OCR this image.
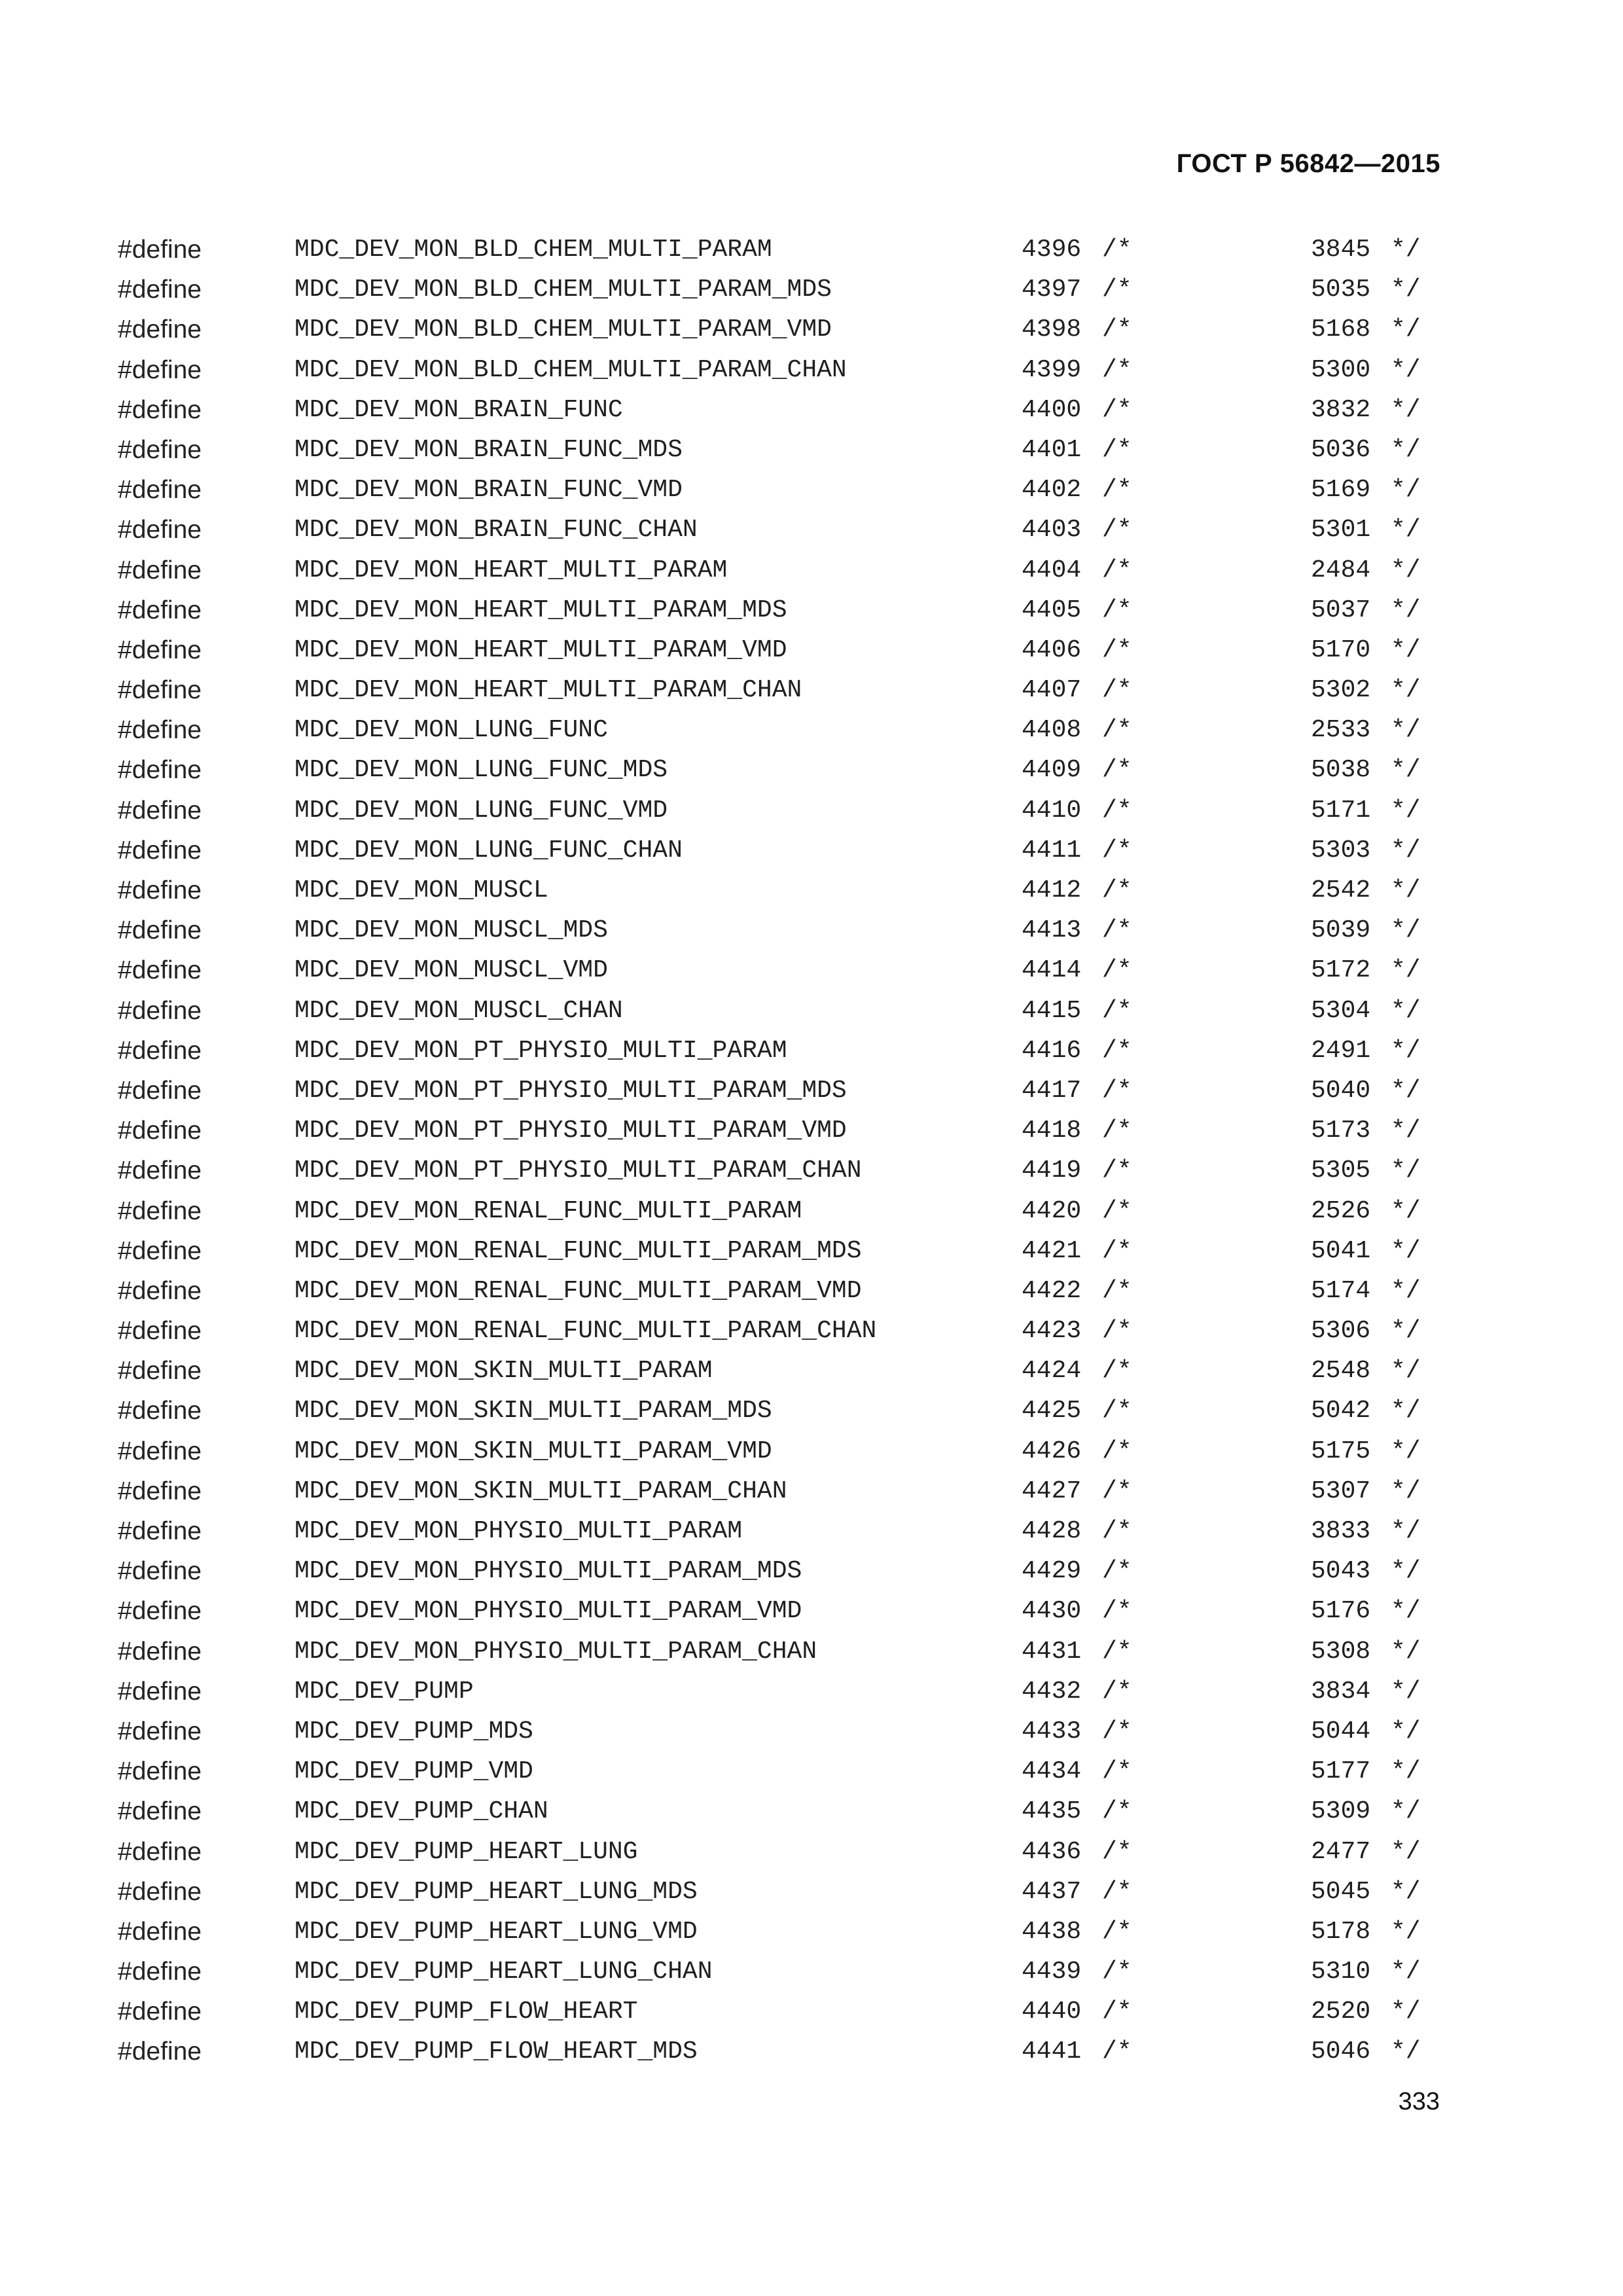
ГОСТ Р 56842—2015
#define	MDC_DEV_MON_BLD_CHEM_MULTI_PARAM	4396 /*	3845 */
#define	MDC_DEV_MON_BLD_CHEM_MULTI_PARAM_MDS	4397 /*	5035 */
#define	MDC_DEV_MON_BLD_CHEM_MULTI_PARAM_VMD	4398 /*	5168 */
#define	MDC_DEV_MON_BLD_CHEM_MULTI_PARAM_CHAN	4399 /*	5300 */
#define	MDC_DEV_MON_BRAIN_FUNC	4400 /*	3832 */
#define	MDC_DEV_MON_BRAIN_FUNC_MDS	4401 /*	5036 */
#define	MDC_DEV_MON_BRAIN_FUNC_VMD	4402 /*	5169 */
#define	MDC_DEV_MON_BRAIN_FUNC_CHAN	4403 /*	5301 */
#define	MDC_DEV_MON_HEART_MULTI_PARAM	4404 /*	2484 */
#define	MDC_DEV_MON_HEART_MULTI_PARAM_MDS	4405 /*	5037 */
#define	MDC_DEV_MON_HEART_MULTI_PARAM_VMD	4406 /*	5170 */
#define	MDC_DEV_MON_HEART_MULTI_PARAM_CHAN	4407 /*	5302 */
#define	MDC_DEV_MON_LUNG_FUNC	4408 /*	2533 */
#define	MDC_DEV_MON_LUNG_FUNC_MDS	4409 /*	5038 */
#define	MDC_DEV_MON_LUNG_FUNC_VMD	4410 /*	5171 */
#define	MDC_DEV_MON_LUNG_FUNC_CHAN	4411 /*	5303 */
#define	MDC_DEV_MON_MUSCL	4412 /*	2542 */
#define	MDC_DEV_MON_MUSCL_MDS	4413 /*	5039 */
#define	MDC_DEV_MON_MUSCL_VMD	4414 /*	5172 */
#define	MDC_DEV_MON_MUSCL_CHAN	4415 /*	5304 */
#define	MDC_DEV_MON_PT_PHYSIO_MULTI_PARAM	4416 /*	2491 */
#define	MDC_DEV_MON_PT_PHYSIO_MULTI_PARAM_MDS	4417 /*	5040 */
#define	MDC_DEV_MON_PT_PHYSIO_MULTI_PARAM_VMD	4418 /*	5173 */
#define	MDC_DEV_MON_PT_PHYSIO_MULTI_PARAM_CHAN	4419 /*	5305 */
#define	MDC_DEV_MON_RENAL_FUNC_MULTI_PARAM	4420 /*	2526 */
#define	MDC_DEV_MON_RENAL_FUNC_MULTI_PARAM_MDS	4421 /*	5041 */
#define	MDC_DEV_MON_RENAL_FUNC_MULTI_PARAM_VMD	4422 /*	5174 */
#define	MDC_DEV_MON_RENAL_FUNC_MULTI_PARAM_CHAN	4423 /*	5306 */
#define	MDC_DEV_MON_SKIN_MULTI_PARAM	4424 /*	2548 */
#define	MDC_DEV_MON_SKIN_MULTI_PARAM_MDS	4425 /*	5042 */
#define	MDC_DEV_MON_SKIN_MULTI_PARAM_VMD	4426 /*	5175 */
#define	MDC_DEV_MON_SKIN_MULTI_PARAM_CHAN	4427 /*	5307 */
#define	MDC_DEV_MON_PHYSIO_MULTI_PARAM	4428 /*	3833 */
#define	MDC_DEV_MON_PHYSIO_MULTI_PARAM_MDS	4429 /*	5043 */
#define	MDC_DEV_MON_PHYSIO_MULTI_PARAM_VMD	4430 /*	5176 */
#define	MDC_DEV_MON_PHYSIO_MULTI_PARAM_CHAN	4431 /*	5308 */
#define	MDC_DEV_PUMP	4432 /*	3834 */
#define	MDC_DEV_PUMP_MDS	4433 /*	5044 */
#define	MDC_DEV_PUMP_VMD	4434 /*	5177 */
#define	MDC_DEV_PUMP_CHAN	4435 /*	5309 */
#define	MDC_DEV_PUMP_HEART_LUNG	4436 /*	2477 */
#define	MDC_DEV_PUMP_HEART_LUNG_MDS	4437 /*	5045 */
#define	MDC_DEV_PUMP_HEART_LUNG_VMD	4438 /*	5178 */
#define	MDC_DEV_PUMP_HEART_LUNG_CHAN	4439 /*	5310 */
#define	MDC_DEV_PUMP_FLOW_HEART	4440 /*	2520 */
#define	MDC_DEV_PUMP_FLOW_HEART_MDS	4441 /*	5046 */
333
